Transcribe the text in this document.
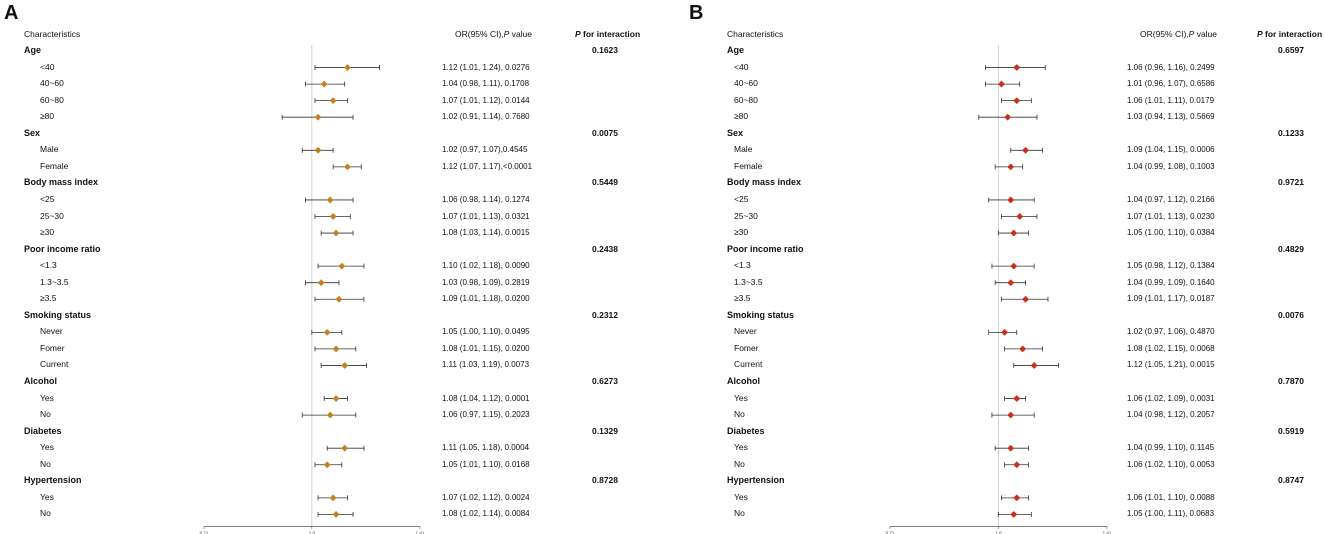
A
Characteristics	OR(95% CI),P value	P for interaction
0.71	1.0	1.41
Age	0.1623
<40	1.12 (1.01, 1.24), 0.0276
40~60	1.04 (0.98, 1.11), 0.1708
60~80	1.07 (1.01, 1.12), 0.0144
≥80	1.02 (0.91, 1.14), 0.7680
Sex	0.0075
Male	1.02 (0.97, 1.07),0.4545
Female	1.12 (1.07, 1.17),<0.0001
Body mass index	0.5449
<25	1.06 (0.98, 1.14), 0.1274
25~30	1.07 (1.01, 1.13), 0.0321
≥30	1.08 (1.03, 1.14), 0.0015
Poor income ratio	0.2438
<1.3	1.10 (1.02, 1.18), 0.0090
1.3~3.5	1.03 (0.98, 1.09), 0.2819
≥3.5	1.09 (1.01, 1.18), 0.0200
Smoking status	0.2312
Never	1.05 (1.00, 1.10), 0.0495
Fomer	1.08 (1.01, 1.15), 0.0200
Current	1.11 (1.03, 1.19), 0.0073
Alcohol	0.6273
Yes	1.08 (1.04, 1.12), 0.0001
No	1.06 (0.97, 1.15), 0.2023
Diabetes	0.1329
Yes	1.11 (1.05, 1.18), 0.0004
No	1.05 (1.01, 1.10), 0.0168
Hypertension	0.8728
Yes	1.07 (1.02, 1.12), 0.0024
No	1.08 (1.02, 1.14), 0.0084
B
Characteristics	OR(95% CI),P value	P for interaction
0.71	1.0	1.41
Age	0.6597
<40	1.06 (0.96, 1.16), 0.2499
40~60	1.01 (0.96, 1.07), 0.6586
60~80	1.06 (1.01, 1.11), 0.0179
≥80	1.03 (0.94, 1.13), 0.5669
Sex	0.1233
Male	1.09 (1.04, 1.15), 0.0006
Female	1.04 (0.99, 1.08), 0.1003
Body mass index	0.9721
<25	1.04 (0.97, 1.12), 0.2166
25~30	1.07 (1.01, 1.13), 0.0230
≥30	1.05 (1.00, 1.10), 0.0384
Poor income ratio	0.4829
<1.3	1.05 (0.98, 1.12), 0.1384
1.3~3.5	1.04 (0.99, 1.09), 0.1640
≥3.5	1.09 (1.01, 1.17), 0.0187
Smoking status	0.0076
Never	1.02 (0.97, 1.06), 0.4870
Fomer	1.08 (1.02, 1.15), 0.0068
Current	1.12 (1.05, 1.21), 0.0015
Alcohol	0.7870
Yes	1.06 (1.02, 1.09), 0.0031
No	1.04 (0.98, 1.12), 0.2057
Diabetes	0.5919
Yes	1.04 (0.99, 1.10), 0.1145
No	1.06 (1.02, 1.10), 0.0053
Hypertension	0.8747
Yes	1.06 (1.01, 1.10), 0.0088
No	1.05 (1.00, 1.11), 0.0683
